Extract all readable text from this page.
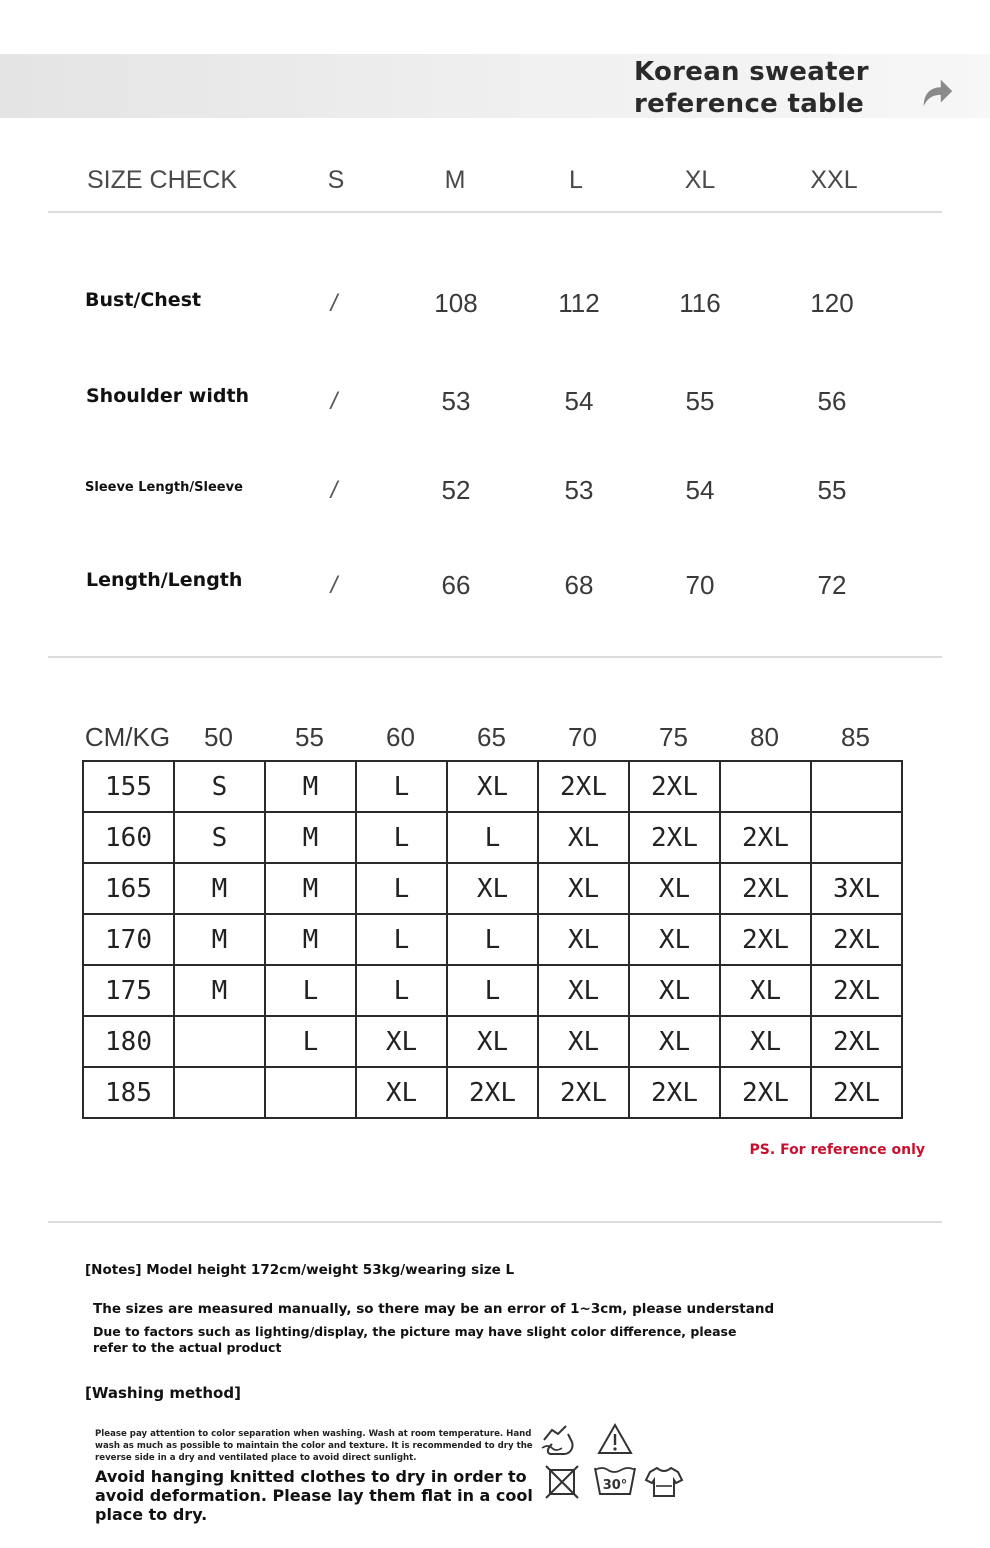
Korean sweater reference table
SIZE CHECK	S	M	L	XL	XXL
Bust/Chest	/	108	112	116	120
Shoulder width	/	53	54	55	56
Sleeve Length/Sleeve	/	52	53	54	55
Length/Length	/	66	68	70	72
CM/KG	50	55	60	65	70	75	80	85
155	S	M	L	XL	2XL	2XL		
160	S	M	L	L	XL	2XL	2XL	
165	M	M	L	XL	XL	XL	2XL	3XL
170	M	M	L	L	XL	XL	2XL	2XL
175	M	L	L	L	XL	XL	XL	2XL
180		L	XL	XL	XL	XL	XL	2XL
185			XL	2XL	2XL	2XL	2XL	2XL
PS. For reference only
[Notes] Model height 172cm/weight 53kg/wearing size L
The sizes are measured manually, so there may be an error of 1~3cm, please understand
Due to factors such as lighting/display, the picture may have slight color difference, please refer to the actual product
[Washing method]
Please pay attention to color separation when washing. Wash at room temperature. Hand wash as much as possible to maintain the color and texture. It is recommended to dry the reverse side in a dry and ventilated place to avoid direct sunlight.
Avoid hanging knitted clothes to dry in order to avoid deformation. Please lay them flat in a cool place to dry.
30°
